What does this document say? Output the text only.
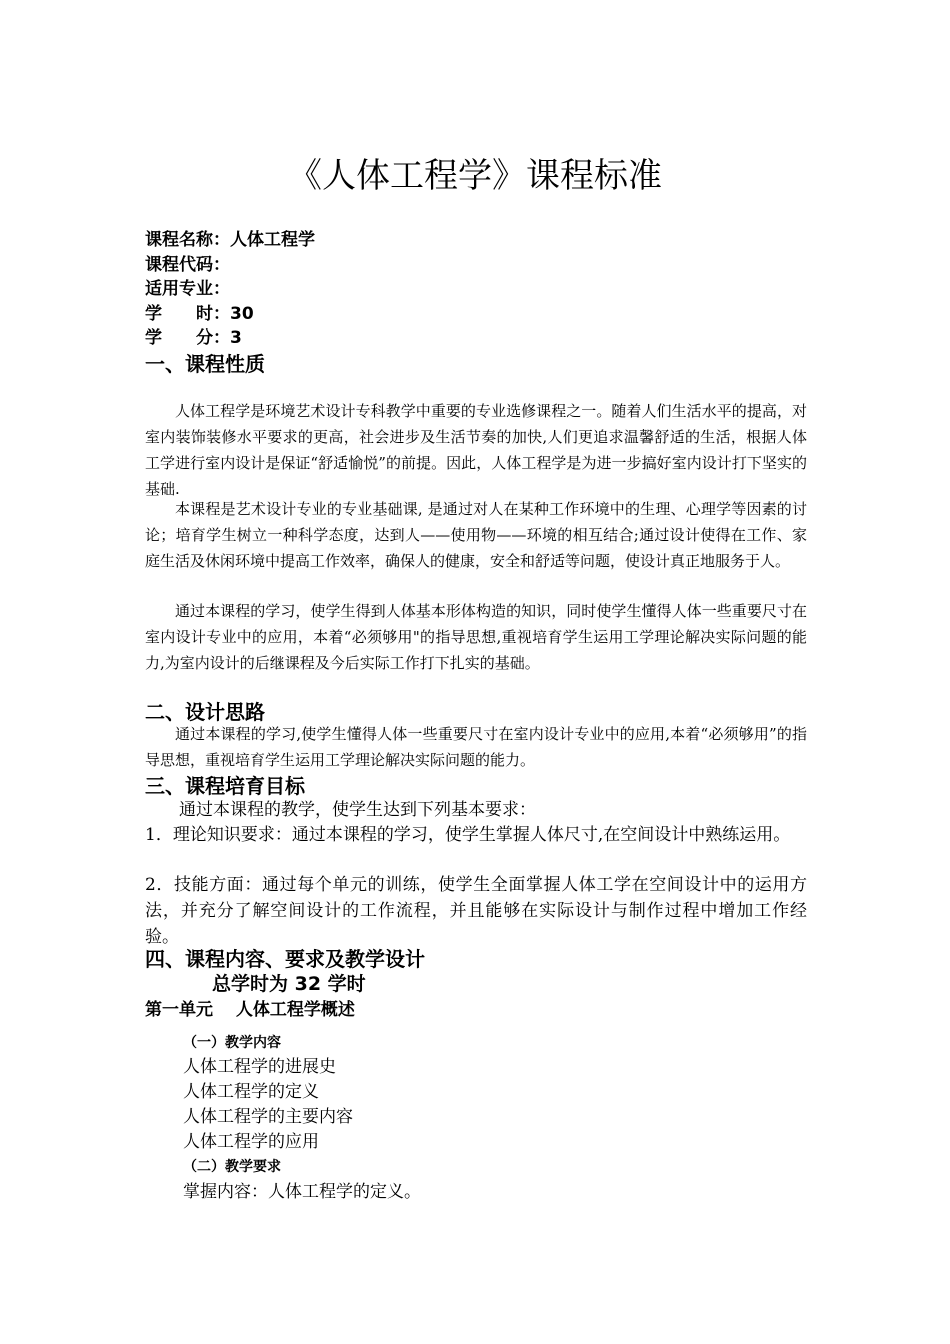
《人体工程学》课程标准
课程名称：人体工程学
课程代码：
适用专业：
学　　时：30
学　　分：3
一、课程性质

人体工程学是环境艺术设计专科教学中重要的专业选修课程之一。随着人们生活水平的提高，对室内装饰装修水平要求的更高，社会进步及生活节奏的加快,人们更追求温馨舒适的生活，根据人体工学进行室内设计是保证“舒适愉悦”的前提。因此，人体工程学是为进一步搞好室内设计打下坚实的基础.

本课程是艺术设计专业的专业基础课, 是通过对人在某种工作环境中的生理、心理学等因素的讨论；培育学生树立一种科学态度，达到人——使用物——环境的相互结合;通过设计使得在工作、家庭生活及休闲环境中提高工作效率，确保人的健康，安全和舒适等问题，使设计真正地服务于人。

通过本课程的学习，使学生得到人体基本形体构造的知识，同时使学生懂得人体一些重要尺寸在室内设计专业中的应用，本着“必须够用"的指导思想,重视培育学生运用工学理论解决实际问题的能力,为室内设计的后继课程及今后实际工作打下扎实的基础。

二、设计思路

通过本课程的学习,使学生懂得人体一些重要尺寸在室内设计专业中的应用,本着“必须够用”的指导思想，重视培育学生运用工学理论解决实际问题的能力。

三、课程培育目标

通过本课程的教学，使学生达到下列基本要求：

1．理论知识要求：通过本课程的学习，使学生掌握人体尺寸,在空间设计中熟练运用。

2．技能方面：通过每个单元的训练，使学生全面掌握人体工学在空间设计中的运用方法，并充分了解空间设计的工作流程，并且能够在实际设计与制作过程中增加工作经验。

四、课程内容、要求及教学设计
总学时为 32 学时
第一单元　 人体工程学概述
（一）教学内容
人体工程学的进展史
人体工程学的定义
人体工程学的主要内容
人体工程学的应用
（二）教学要求

掌握内容：人体工程学的定义。
